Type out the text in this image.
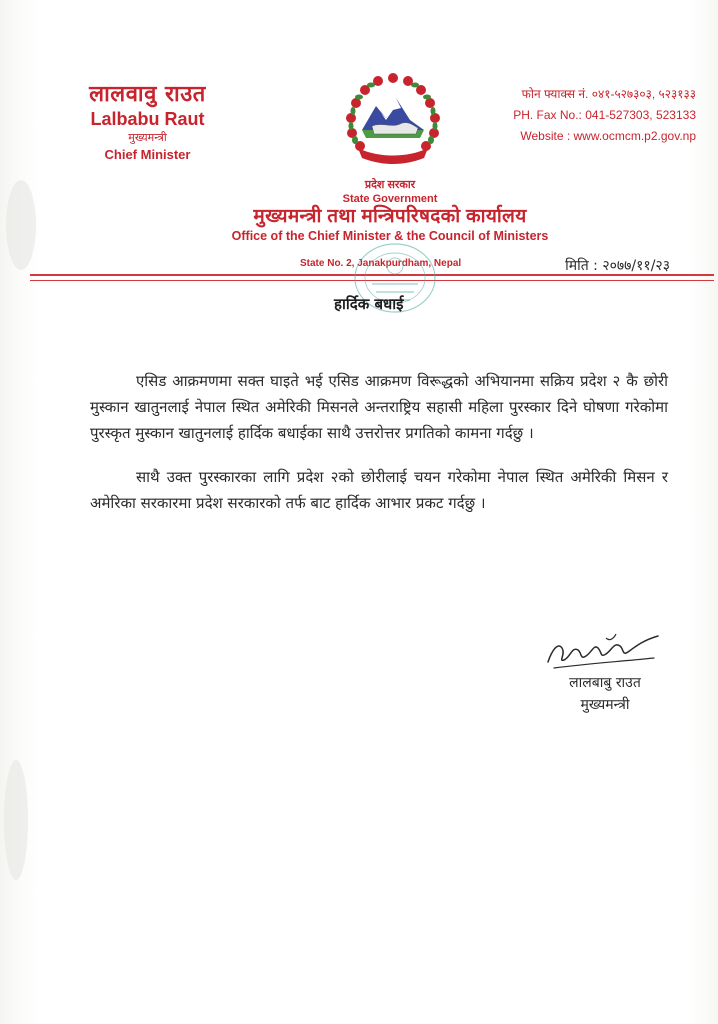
लालवावु राउत
Lalbabu Raut
मुख्यमन्त्री
Chief Minister
फोन फ्याक्स नं. ०४१-५२७३०३, ५२३१३३
PH. Fax No.: 041-527303, 523133
Website : www.ocmcm.p2.gov.np
प्रदेश सरकार
State Government
मुख्यमन्त्री तथा मन्त्रिपरिषदको कार्यालय
Office of the Chief Minister & the Council of Ministers
State No. 2, Janakpurdham, Nepal	मिति : २०७७/११/२३
हार्दिक बधाई

एसिड आक्रमणमा सक्त घाइते भई एसिड आक्रमण विरूद्धको अभियानमा सक्रिय प्रदेश २ कै छोरी मुस्कान खातुनलाई नेपाल स्थित अमेरिकी मिसनले अन्तराष्ट्रिय सहासी महिला पुरस्कार दिने घोषणा गरेकोमा पुरस्कृत मुस्कान खातुनलाई हार्दिक बधाईका साथै उत्तरोत्तर प्रगतिको कामना गर्दछु ।

साथै उक्त पुरस्कारका लागि प्रदेश २को छोरीलाई चयन गरेकोमा नेपाल स्थित अमेरिकी मिसन र अमेरिका सरकारमा प्रदेश सरकारको तर्फ बाट हार्दिक आभार प्रकट गर्दछु ।

लालबाबु राउत
मुख्यमन्त्री
